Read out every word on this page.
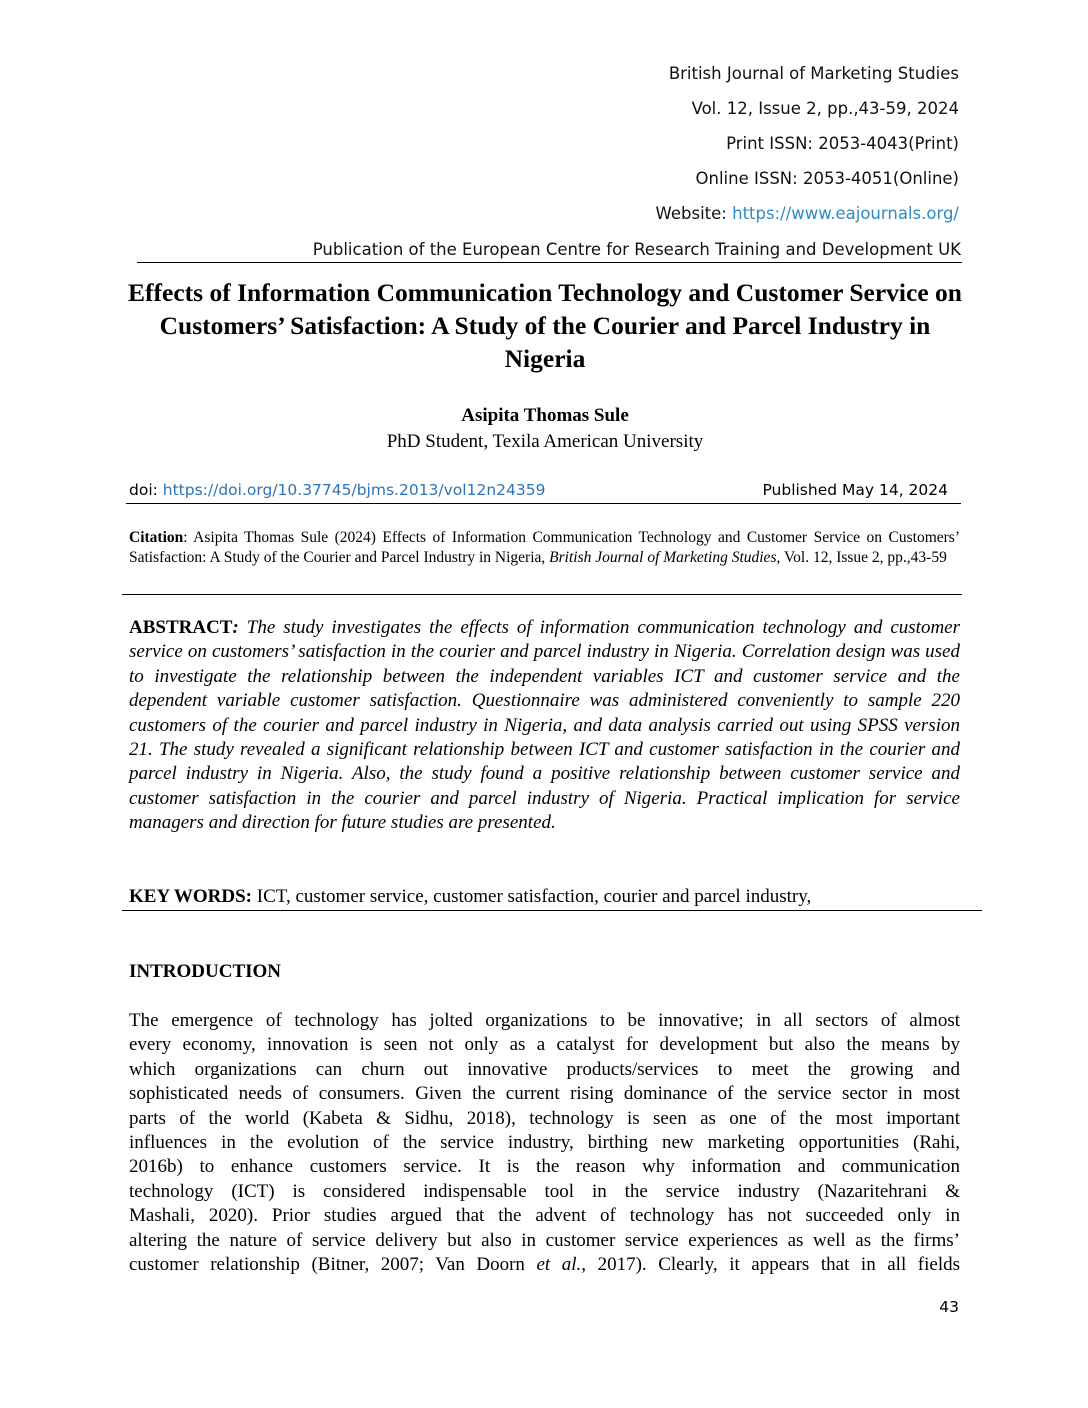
British Journal of Marketing Studies
Vol. 12, Issue 2, pp.,43-59, 2024
Print ISSN: 2053-4043(Print)
Online ISSN: 2053-4051(Online)
Website: https://www.eajournals.org/
Publication of the European Centre for Research Training and Development UK
Effects of Information Communication Technology and Customer Service on Customers’ Satisfaction: A Study of the Courier and Parcel Industry in Nigeria
Asipita Thomas Sule
PhD Student, Texila American University
doi: https://doi.org/10.37745/bjms.2013/vol12n24359	Published May 14, 2024
Citation: Asipita Thomas Sule (2024) Effects of Information Communication Technology and Customer Service on Customers’ Satisfaction: A Study of the Courier and Parcel Industry in Nigeria, British Journal of Marketing Studies, Vol. 12, Issue 2, pp.,43-59
ABSTRACT: The study investigates the effects of information communication technology and customer service on customers’ satisfaction in the courier and parcel industry in Nigeria. Correlation design was used to investigate the relationship between the independent variables ICT and customer service and the dependent variable customer satisfaction. Questionnaire was administered conveniently to sample 220 customers of the courier and parcel industry in Nigeria, and data analysis carried out using SPSS version 21. The study revealed a significant relationship between ICT and customer satisfaction in the courier and parcel industry in Nigeria. Also, the study found a positive relationship between customer service and customer satisfaction in the courier and parcel industry of Nigeria. Practical implication for service managers and direction for future studies are presented.
KEY WORDS: ICT, customer service, customer satisfaction, courier and parcel industry,
INTRODUCTION
The emergence of technology has jolted organizations to be innovative; in all sectors of almost
every economy, innovation is seen not only as a catalyst for development but also the means by
which organizations can churn out innovative products/services to meet the growing and
sophisticated needs of consumers. Given the current rising dominance of the service sector in most
parts of the world (Kabeta & Sidhu, 2018), technology is seen as one of the most important
influences in the evolution of the service industry, birthing new marketing opportunities (Rahi,
2016b) to enhance customers service. It is the reason why information and communication
technology (ICT) is considered indispensable tool in the service industry (Nazaritehrani &
Mashali, 2020). Prior studies argued that the advent of technology has not succeeded only in
altering the nature of service delivery but also in customer service experiences as well as the firms’
customer relationship (Bitner, 2007; Van Doorn et al., 2017). Clearly, it appears that in all fields
43
